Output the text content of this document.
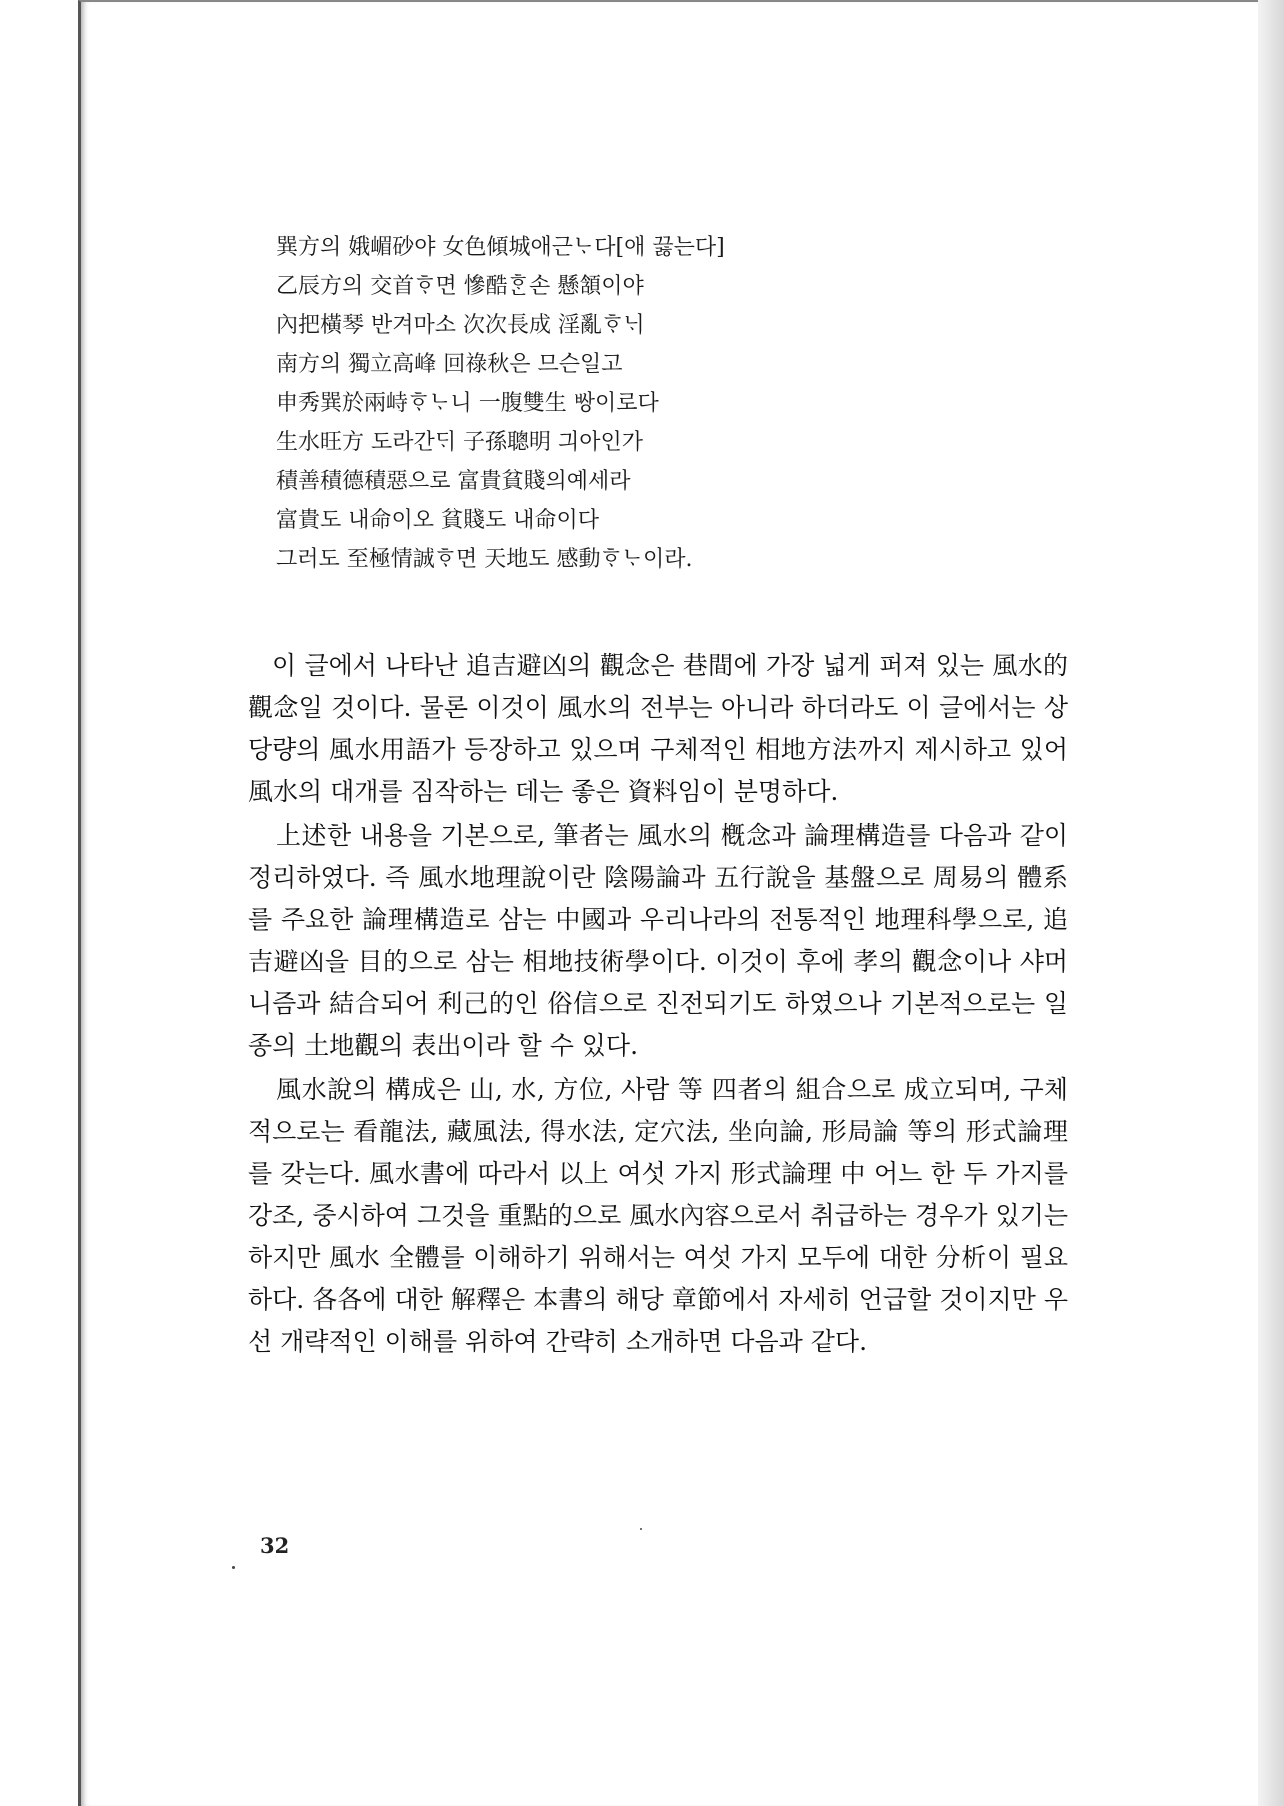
巽方의 娥嵋砂야 女色傾城애근ᄂᆞ다[애 끓는다]
乙辰方의 交首ᄒᆞ면 慘酷ᄒᆞᆫ손 懸頷이야
內把橫琴 반겨마소 次次長成 淫亂ᄒᆞᄂᆡ
南方의 獨立高峰 回祿秋은 므슨일고
申秀巽於兩峙ᄒᆞᄂᆞ니 一腹雙生 ᄡᅡᆼ이로다
生水旺方 도라간ᄃᆡ 子孫聰明 긔아인가
積善積德積惡으로 富貴貧賤의예세라
富貴도 내命이오 貧賤도 내命이다
그러도 至極情誠ᄒᆞ면 天地도 感動ᄒᆞᄂᆞ이라.

이 글에서 나타난 追吉避凶의 觀念은 巷間에 가장 넓게 퍼져 있는 風水的 觀念일 것이다. 물론 이것이 風水의 전부는 아니라 하더라도 이 글에서는 상당량의 風水用語가 등장하고 있으며 구체적인 相地方法까지 제시하고 있어 風水의 대개를 짐작하는 데는 좋은 資料임이 분명하다.

上述한 내용을 기본으로, 筆者는 風水의 槪念과 論理構造를 다음과 같이 정리하였다. 즉 風水地理說이란 陰陽論과 五行說을 基盤으로 周易의 體系를 주요한 論理構造로 삼는 中國과 우리나라의 전통적인 地理科學으로, 追吉避凶을 目的으로 삼는 相地技術學이다. 이것이 후에 孝의 觀念이나 샤머니즘과 結合되어 利己的인 俗信으로 진전되기도 하였으나 기본적으로는 일종의 土地觀의 表出이라 할 수 있다.

風水說의 構成은 山, 水, 方位, 사람 等 四者의 組合으로 成立되며, 구체적으로는 看龍法, 藏風法, 得水法, 定穴法, 坐向論, 形局論 等의 形式論理를 갖는다. 風水書에 따라서 以上 여섯 가지 形式論理 中 어느 한 두 가지를 강조, 중시하여 그것을 重點的으로 風水內容으로서 취급하는 경우가 있기는 하지만 風水 全體를 이해하기 위해서는 여섯 가지 모두에 대한 分析이 필요하다. 各各에 대한 解釋은 本書의 해당 章節에서 자세히 언급할 것이지만 우선 개략적인 이해를 위하여 간략히 소개하면 다음과 같다.

32
